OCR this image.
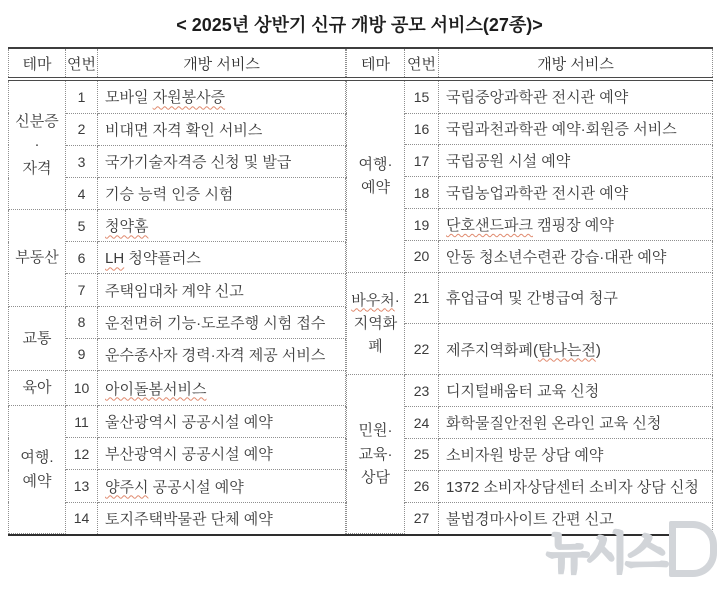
< 2025년 상반기 신규 개방 공모 서비스(27종)>
테마	연번	개방 서비스

신분증
·
자격	1	모바일 자원봉사증
	2	비대면 자격 확인 서비스
	3	국가기술자격증 신청 및 발급
	4	기승 능력 인증 시험

부동산	5	청약홈
	6	LH 청약플러스
	7	주택임대차 계약 신고

교통	8	운전면허 기능·도로주행 시험 접수
	9	운수종사자 경력·자격 제공 서비스

육아	10	아이돌봄서비스

여행.
예약	11	울산광역시 공공시설 예약
	12	부산광역시 공공시설 예약
	13	양주시 공공시설 예약
	14	토지주택박물관 단체 예약
테마	연번	개방 서비스

여행·
예약	15	국립중앙과학관 전시관 예약
	16	국립과천과학관 예약·회원증 서비스
	17	국립공원 시설 예약
	18	국립농업과학관 전시관 예약
	19	단호샌드파크 캠핑장 예약
	20	안동 청소년수련관 강습·대관 예약

바우처·
지역화폐	21	휴업급여 및 간병급여 청구
	22	제주지역화폐(탐나는전)

민원·
교육·
상담	23	디지털배움터 교육 신청
	24	화학물질안전원 온라인 교육 신청
	25	소비자원 방문 상담 예약
	26	1372 소비자상담센터 소비자 상담 신청
	27	불법경마사이트 간편 신고
뉴시스
